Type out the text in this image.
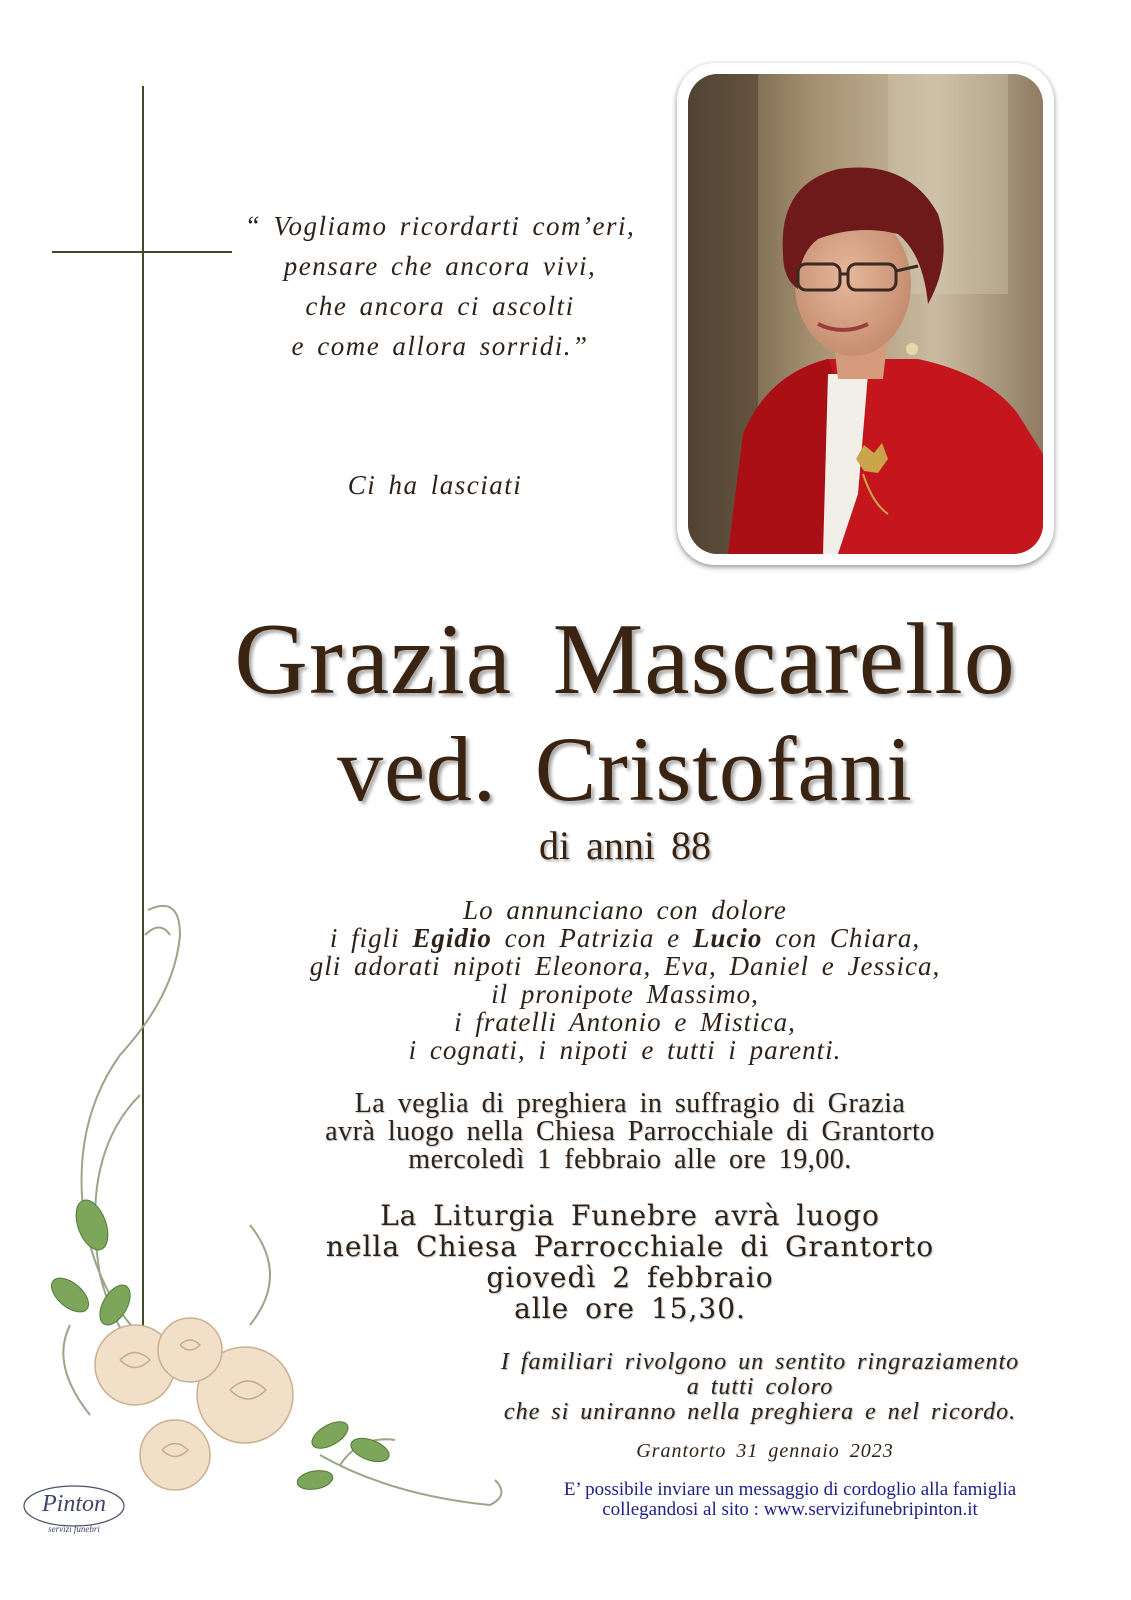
“ Vogliamo ricordarti com’eri,
pensare che ancora vivi,
che ancora ci ascolti
e come allora sorridi.”
Ci ha lasciati
Grazia Mascarello
ved. Cristofani
di anni 88
Lo annunciano con dolore
i figli Egidio con Patrizia e Lucio con Chiara,
gli adorati nipoti Eleonora, Eva, Daniel e Jessica,
il pronipote Massimo,
i fratelli Antonio e Mistica,
i cognati, i nipoti e tutti i parenti.
La veglia di preghiera in suffragio di Grazia
avrà luogo nella Chiesa Parrocchiale di Grantorto
mercoledì 1 febbraio alle ore 19,00.
La Liturgia Funebre avrà luogo
nella Chiesa Parrocchiale di Grantorto
giovedì 2 febbraio
alle ore 15,30.
I familiari rivolgono un sentito ringraziamento
a tutti coloro
che si uniranno nella preghiera e nel ricordo.
Grantorto 31 gennaio 2023
E’ possibile inviare un messaggio di cordoglio alla famiglia
collegandosi al sito : www.servizifunebripinton.it
Pinton
servizi funebri
